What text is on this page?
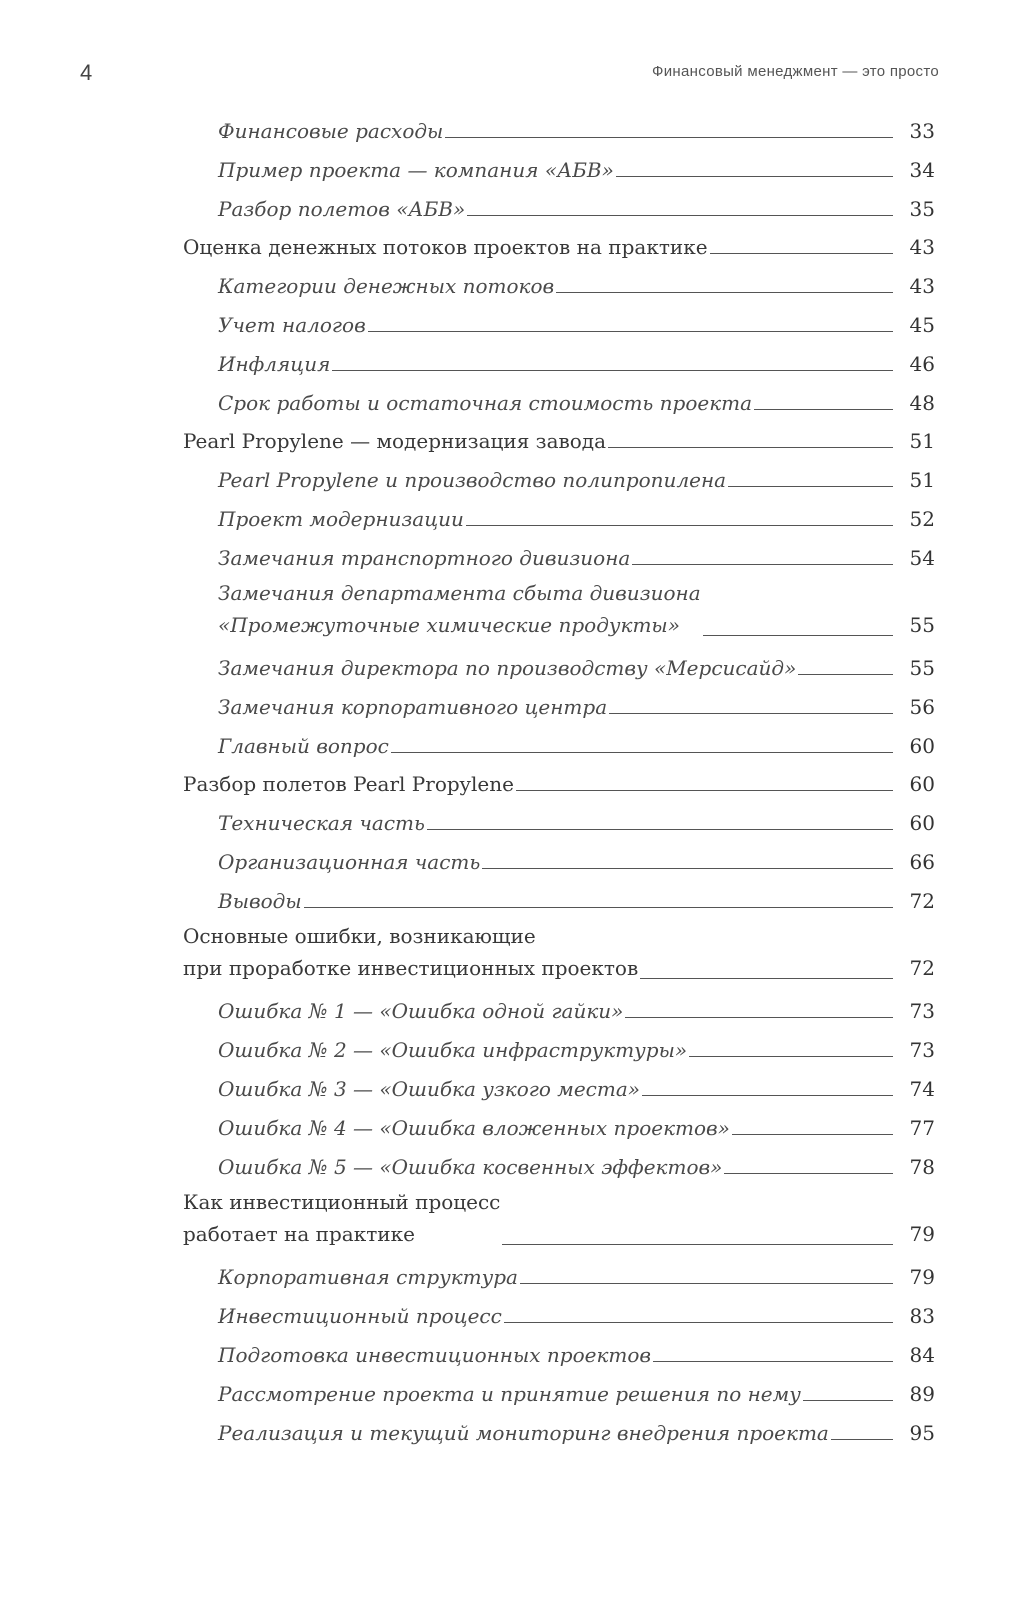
4	Финансовый менеджмент — это просто
Финансовые расходы	33
Пример проекта — компания «АБВ»	34
Разбор полетов «АБВ»	35
Оценка денежных потоков проектов на практике	43
Категории денежных потоков	43
Учет налогов	45
Инфляция	46
Срок работы и остаточная стоимость проекта	48
Pearl Propylene — модернизация завода	51
Pearl Propylene и производство полипропилена	51
Проект модернизации	52
Замечания транспортного дивизиона	54
Замечания департамента сбыта дивизиона
«Промежуточные химические продукты»	55
Замечания директора по производству «Мерсисайд»	55
Замечания корпоративного центра	56
Главный вопрос	60
Разбор полетов Pearl Propylene	60
Техническая часть	60
Организационная часть	66
Выводы	72
Основные ошибки, возникающие
при проработке инвестиционных проектов	72
Ошибка № 1 — «Ошибка одной гайки»	73
Ошибка № 2 — «Ошибка инфраструктуры»	73
Ошибка № 3 — «Ошибка узкого места»	74
Ошибка № 4 — «Ошибка вложенных проектов»	77
Ошибка № 5 — «Ошибка косвенных эффектов»	78
Как инвестиционный процесс
работает на практике	79
Корпоративная структура	79
Инвестиционный процесс	83
Подготовка инвестиционных проектов	84
Рассмотрение проекта и принятие решения по нему	89
Реализация и текущий мониторинг внедрения проекта	95
